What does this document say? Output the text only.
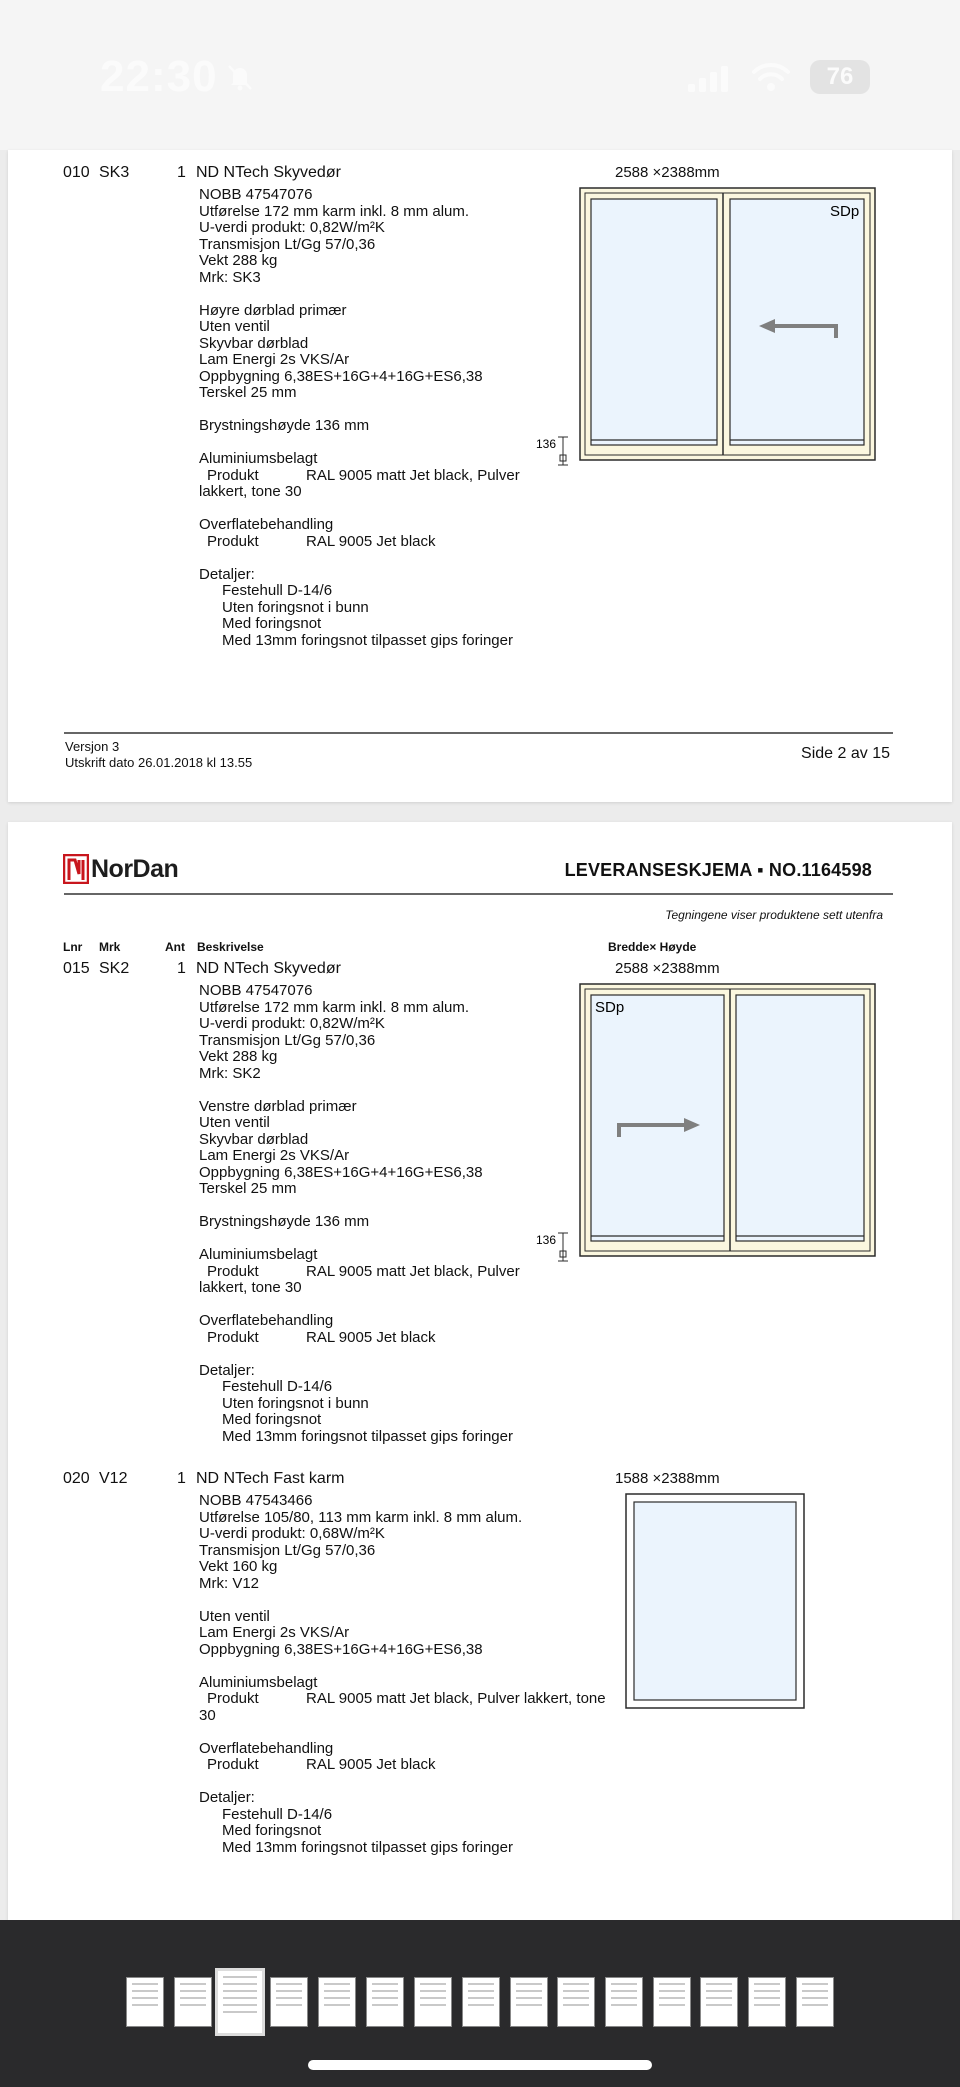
22:30	76
010 SK3	1 ND NTech Skyvedør	2588 ×2388mm
NOBB 47547076
Utførelse 172 mm karm inkl. 8 mm alum.
U-verdi produkt: 0,82W/m²K
Transmisjon Lt/Gg 57/0,36
Vekt 288 kg
Mrk: SK3
Høyre dørblad primær
Uten ventil
Skyvbar dørblad
Lam Energi 2s VKS/Ar
Oppbygning 6,38ES+16G+4+16G+ES6,38
Terskel 25 mm
Brystningshøyde 136 mm
Aluminiumsbelagt
Produkt	RAL 9005 matt Jet black, Pulver
lakkert, tone 30
Overflatebehandling
Produkt	RAL 9005 Jet black
Detaljer:
Festehull D-14/6
Uten foringsnot i bunn
Med foringsnot
Med 13mm foringsnot tilpasset gips foringer
SDp
136
Versjon 3
Utskrift dato 26.01.2018 kl 13.55
Side 2 av 15
NorDan	LEVERANSESKJEMA ▪ NO.1164598
Tegningene viser produktene sett utenfra
Lnr Mrk	Ant Beskrivelse	Bredde× Høyde
015 SK2	1 ND NTech Skyvedør	2588 ×2388mm
NOBB 47547076
Utførelse 172 mm karm inkl. 8 mm alum.
U-verdi produkt: 0,82W/m²K
Transmisjon Lt/Gg 57/0,36
Vekt 288 kg
Mrk: SK2
Venstre dørblad primær
Uten ventil
Skyvbar dørblad
Lam Energi 2s VKS/Ar
Oppbygning 6,38ES+16G+4+16G+ES6,38
Terskel 25 mm
Brystningshøyde 136 mm
Aluminiumsbelagt
Produkt	RAL 9005 matt Jet black, Pulver
lakkert, tone 30
Overflatebehandling
Produkt	RAL 9005 Jet black
Detaljer:
Festehull D-14/6
Uten foringsnot i bunn
Med foringsnot
Med 13mm foringsnot tilpasset gips foringer
SDp
136
020 V12	1 ND NTech Fast karm	1588 ×2388mm
NOBB 47543466
Utførelse 105/80, 113 mm karm inkl. 8 mm alum.
U-verdi produkt: 0,68W/m²K
Transmisjon Lt/Gg 57/0,36
Vekt 160 kg
Mrk: V12
Uten ventil
Lam Energi 2s VKS/Ar
Oppbygning 6,38ES+16G+4+16G+ES6,38
Aluminiumsbelagt
Produkt	RAL 9005 matt Jet black, Pulver lakkert, tone
30
Overflatebehandling
Produkt	RAL 9005 Jet black
Detaljer:
Festehull D-14/6
Med foringsnot
Med 13mm foringsnot tilpasset gips foringer
